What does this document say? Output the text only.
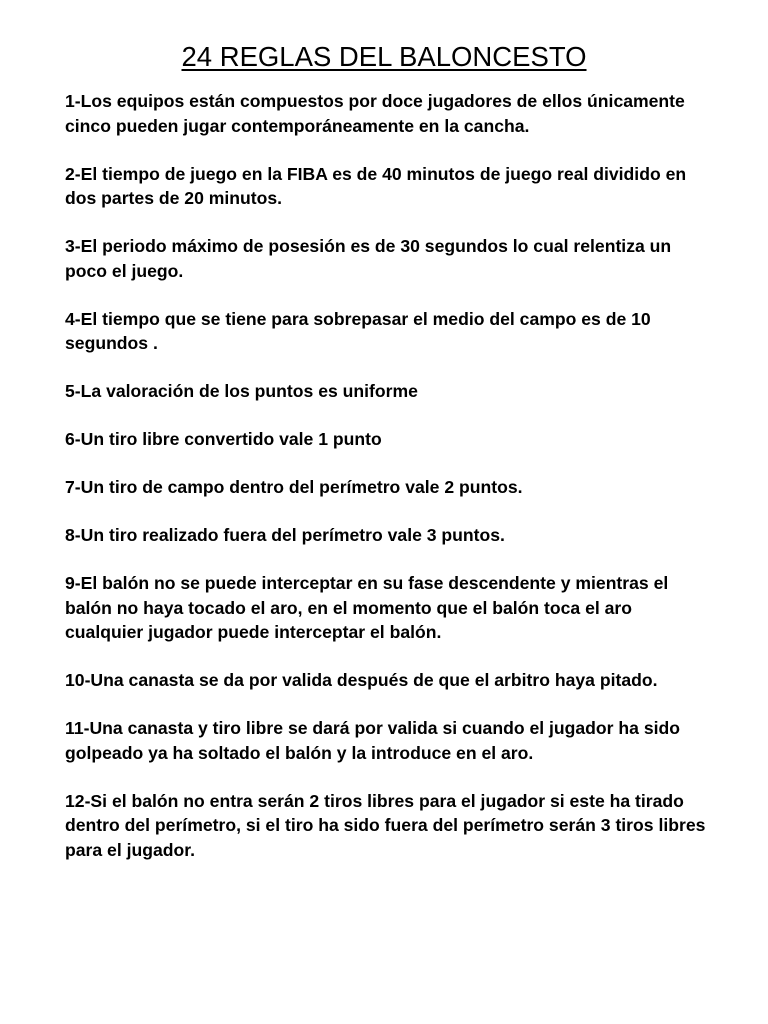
24 REGLAS DEL BALONCESTO
1-Los equipos están compuestos por doce jugadores de ellos únicamente cinco pueden jugar contemporáneamente en la cancha.
2-El tiempo de juego en la FIBA es de 40 minutos de juego real dividido en dos partes de 20 minutos.
3-El periodo máximo de posesión es de 30 segundos lo cual relentiza un poco el juego.
4-El tiempo que se tiene para sobrepasar el medio del campo es de 10 segundos .
5-La valoración de los puntos es uniforme
6-Un tiro libre convertido vale 1 punto
7-Un tiro de campo dentro del perímetro vale 2 puntos.
8-Un tiro realizado fuera del perímetro vale 3 puntos.
9-El balón no se puede interceptar en su fase descendente y mientras el balón no haya tocado el aro, en el momento que el balón toca el aro cualquier jugador puede interceptar el balón.
10-Una canasta se da por valida después de que el arbitro haya pitado.
11-Una canasta y tiro libre se dará por valida si cuando el jugador ha sido golpeado ya ha soltado el balón y la introduce en el aro.
12-Si el balón no entra serán 2 tiros libres para el jugador si este ha tirado dentro del perímetro, si el tiro ha sido fuera del perímetro serán 3 tiros libres para el jugador.
